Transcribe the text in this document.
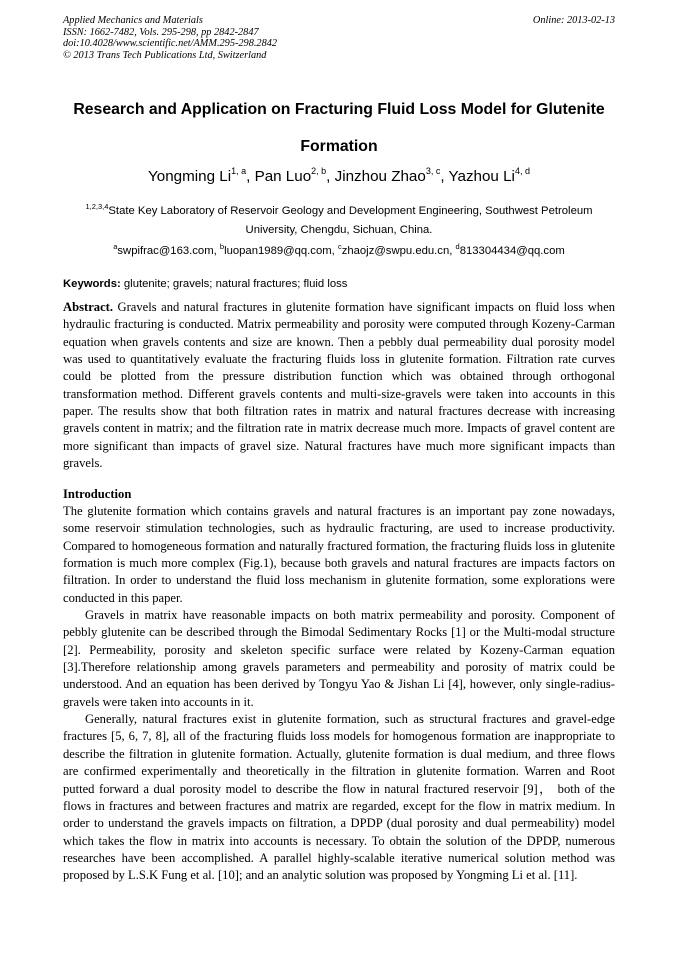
Applied Mechanics and Materials
ISSN: 1662-7482, Vols. 295-298, pp 2842-2847
doi:10.4028/www.scientific.net/AMM.295-298.2842
© 2013 Trans Tech Publications Ltd, Switzerland
Online: 2013-02-13
Research and Application on Fracturing Fluid Loss Model for Glutenite Formation
Yongming Li$^{1, a}$, Pan Luo$^{2, b}$, Jinzhou Zhao$^{3, c}$, Yazhou Li$^{4, d}$
$^{1,2,3,4}$State Key Laboratory of Reservoir Geology and Development Engineering, Southwest Petroleum University, Chengdu, Sichuan, China.
$^a$swpifrac@163.com, $^b$luopan1989@qq.com, $^c$zhaojz@swpu.edu.cn, $^d$813304434@qq.com
Keywords: glutenite; gravels; natural fractures; fluid loss

Abstract. Gravels and natural fractures in glutenite formation have significant impacts on fluid loss when hydraulic fracturing is conducted. Matrix permeability and porosity were computed through Kozeny-Carman equation when gravels contents and size are known. Then a pebbly dual permeability dual porosity model was used to quantitatively evaluate the fracturing fluids loss in glutenite formation. Filtration rate curves could be plotted from the pressure distribution function which was obtained through orthogonal transformation method. Different gravels contents and multi-size-gravels were taken into accounts in this paper. The results show that both filtration rates in matrix and natural fractures decrease with increasing gravels content in matrix; and the filtration rate in matrix decrease much more. Impacts of gravel content are more significant than impacts of gravel size. Natural fractures have much more significant impacts than gravels.

Introduction

The glutenite formation which contains gravels and natural fractures is an important pay zone nowadays, some reservoir stimulation technologies, such as hydraulic fracturing, are used to increase productivity. Compared to homogeneous formation and naturally fractured formation, the fracturing fluids loss in glutenite formation is much more complex (Fig.1), because both gravels and natural fractures are impacts factors on filtration. In order to understand the fluid loss mechanism in glutenite formation, some explorations were conducted in this paper.

Gravels in matrix have reasonable impacts on both matrix permeability and porosity. Component of pebbly glutenite can be described through the Bimodal Sedimentary Rocks [1] or the Multi-modal structure [2]. Permeability, porosity and skeleton specific surface were related by Kozeny-Carman equation [3].Therefore relationship among gravels parameters and permeability and porosity of matrix could be understood. And an equation has been derived by Tongyu Yao & Jishan Li [4], however, only single-radius-gravels were taken into accounts in it.

Generally, natural fractures exist in glutenite formation, such as structural fractures and gravel-edge fractures [5, 6, 7, 8], all of the fracturing fluids loss models for homogenous formation are inappropriate to describe the filtration in glutenite formation. Actually, glutenite formation is dual medium, and three flows are confirmed experimentally and theoretically in the filtration in glutenite formation. Warren and Root putted forward a dual porosity model to describe the flow in natural fractured reservoir [9]， both of the flows in fractures and between fractures and matrix are regarded, except for the flow in matrix medium. In order to understand the gravels impacts on filtration, a DPDP (dual porosity and dual permeability) model which takes the flow in matrix into accounts is necessary. To obtain the solution of the DPDP, numerous researches have been accomplished. A parallel highly-scalable iterative numerical solution method was proposed by L.S.K Fung et al. [10]; and an analytic solution was proposed by Yongming Li et al. [11].
